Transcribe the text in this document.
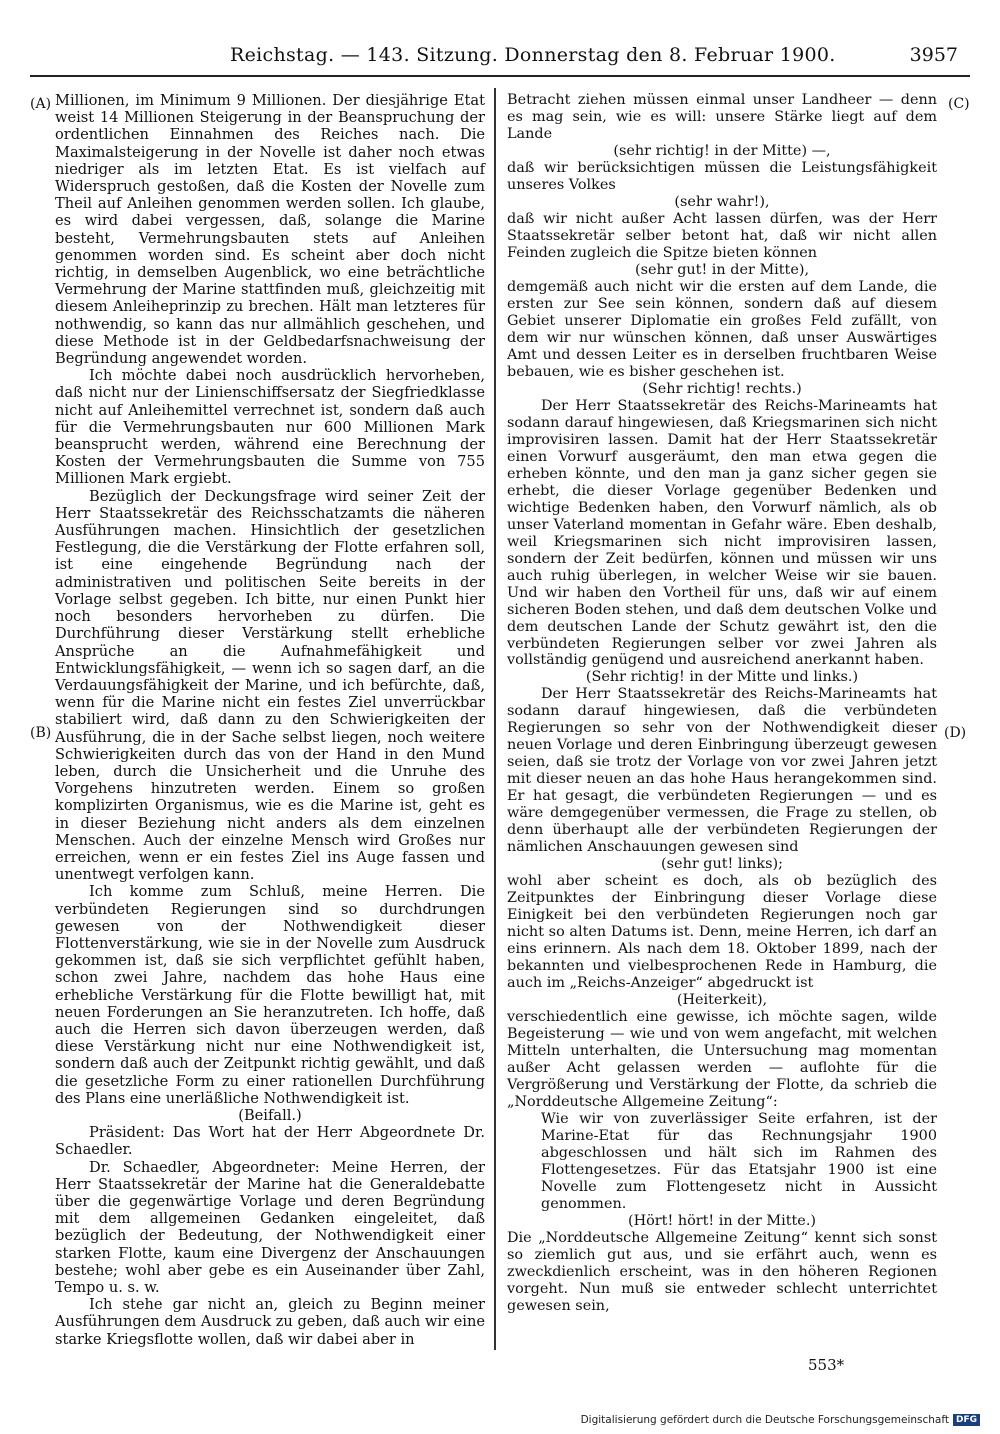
Reichstag. — 143. Sitzung. Donnerstag den 8. Februar 1900.	3957
(A)
(B)
(C)
(D)

Millionen, im Minimum 9 Millionen. Der diesjährige Etat weist 14 Millionen Steigerung in der Beanspruchung der ordentlichen Einnahmen des Reiches nach. Die Maximalsteigerung in der Novelle ist daher noch etwas niedriger als im letzten Etat. Es ist vielfach auf Widerspruch gestoßen, daß die Kosten der Novelle zum Theil auf Anleihen genommen werden sollen. Ich glaube, es wird dabei vergessen, daß, solange die Marine besteht, Vermehrungsbauten stets auf Anleihen genommen worden sind. Es scheint aber doch nicht richtig, in demselben Augenblick, wo eine beträchtliche Vermehrung der Marine stattfinden muß, gleichzeitig mit diesem Anleiheprinzip zu brechen. Hält man letzteres für nothwendig, so kann das nur allmählich geschehen, und diese Methode ist in der Geldbedarfsnachweisung der Begründung angewendet worden.

Ich möchte dabei noch ausdrücklich hervorheben, daß nicht nur der Linienschiffsersatz der Siegfriedklasse nicht auf Anleihemittel verrechnet ist, sondern daß auch für die Vermehrungsbauten nur 600 Millionen Mark beansprucht werden, während eine Berechnung der Kosten der Vermehrungsbauten die Summe von 755 Millionen Mark ergiebt.

Bezüglich der Deckungsfrage wird seiner Zeit der Herr Staatssekretär des Reichsschatzamts die näheren Ausführungen machen. Hinsichtlich der gesetzlichen Festlegung, die die Verstärkung der Flotte erfahren soll, ist eine eingehende Begründung nach der administrativen und politischen Seite bereits in der Vorlage selbst gegeben. Ich bitte, nur einen Punkt hier noch besonders hervorheben zu dürfen. Die Durchführung dieser Verstärkung stellt erhebliche Ansprüche an die Aufnahmefähigkeit und Entwicklungsfähigkeit, — wenn ich so sagen darf, an die Verdauungsfähigkeit der Marine, und ich befürchte, daß, wenn für die Marine nicht ein festes Ziel unverrückbar stabiliert wird, daß dann zu den Schwierigkeiten der Ausführung, die in der Sache selbst liegen, noch weitere Schwierigkeiten durch das von der Hand in den Mund leben, durch die Unsicherheit und die Unruhe des Vorgehens hinzutreten werden. Einem so großen komplizirten Organismus, wie es die Marine ist, geht es in dieser Beziehung nicht anders als dem einzelnen Menschen. Auch der einzelne Mensch wird Großes nur erreichen, wenn er ein festes Ziel ins Auge fassen und unentwegt verfolgen kann.

Ich komme zum Schluß, meine Herren. Die verbündeten Regierungen sind so durchdrungen gewesen von der Nothwendigkeit dieser Flottenverstärkung, wie sie in der Novelle zum Ausdruck gekommen ist, daß sie sich verpflichtet gefühlt haben, schon zwei Jahre, nachdem das hohe Haus eine erhebliche Verstärkung für die Flotte bewilligt hat, mit neuen Forderungen an Sie heranzutreten. Ich hoffe, daß auch die Herren sich davon überzeugen werden, daß diese Verstärkung nicht nur eine Nothwendigkeit ist, sondern daß auch der Zeitpunkt richtig gewählt, und daß die gesetzliche Form zu einer rationellen Durchführung des Plans eine unerläßliche Nothwendigkeit ist.

(Beifall.)

Präsident: Das Wort hat der Herr Abgeordnete Dr. Schaedler.

Dr. Schaedler, Abgeordneter: Meine Herren, der Herr Staatssekretär der Marine hat die Generaldebatte über die gegenwärtige Vorlage und deren Begründung mit dem allgemeinen Gedanken eingeleitet, daß bezüglich der Bedeutung, der Nothwendigkeit einer starken Flotte, kaum eine Divergenz der Anschauungen bestehe; wohl aber gebe es ein Auseinander über Zahl, Tempo u. s. w.

Ich stehe gar nicht an, gleich zu Beginn meiner Ausführungen dem Ausdruck zu geben, daß auch wir eine starke Kriegsflotte wollen, daß wir dabei aber in

Betracht ziehen müssen einmal unser Landheer — denn es mag sein, wie es will: unsere Stärke liegt auf dem Lande

(sehr richtig! in der Mitte) —,

daß wir berücksichtigen müssen die Leistungsfähigkeit unseres Volkes

(sehr wahr!),

daß wir nicht außer Acht lassen dürfen, was der Herr Staatssekretär selber betont hat, daß wir nicht allen Feinden zugleich die Spitze bieten können

(sehr gut! in der Mitte),

demgemäß auch nicht wir die ersten auf dem Lande, die ersten zur See sein können, sondern daß auf diesem Gebiet unserer Diplomatie ein großes Feld zufällt, von dem wir nur wünschen können, daß unser Auswärtiges Amt und dessen Leiter es in derselben fruchtbaren Weise bebauen, wie es bisher geschehen ist.

(Sehr richtig! rechts.)

Der Herr Staatssekretär des Reichs-Marineamts hat sodann darauf hingewiesen, daß Kriegsmarinen sich nicht improvisiren lassen. Damit hat der Herr Staatssekretär einen Vorwurf ausgeräumt, den man etwa gegen die erheben könnte, und den man ja ganz sicher gegen sie erhebt, die dieser Vorlage gegenüber Bedenken und wichtige Bedenken haben, den Vorwurf nämlich, als ob unser Vaterland momentan in Gefahr wäre. Eben deshalb, weil Kriegsmarinen sich nicht improvisiren lassen, sondern der Zeit bedürfen, können und müssen wir uns auch ruhig überlegen, in welcher Weise wir sie bauen. Und wir haben den Vortheil für uns, daß wir auf einem sicheren Boden stehen, und daß dem deutschen Volke und dem deutschen Lande der Schutz gewährt ist, den die verbündeten Regierungen selber vor zwei Jahren als vollständig genügend und ausreichend anerkannt haben.

(Sehr richtig! in der Mitte und links.)

Der Herr Staatssekretär des Reichs-Marineamts hat sodann darauf hingewiesen, daß die verbündeten Regierungen so sehr von der Nothwendigkeit dieser neuen Vorlage und deren Einbringung überzeugt gewesen seien, daß sie trotz der Vorlage von vor zwei Jahren jetzt mit dieser neuen an das hohe Haus herangekommen sind. Er hat gesagt, die verbündeten Regierungen — und es wäre demgegenüber vermessen, die Frage zu stellen, ob denn überhaupt alle der verbündeten Regierungen der nämlichen Anschauungen gewesen sind

(sehr gut! links);

wohl aber scheint es doch, als ob bezüglich des Zeitpunktes der Einbringung dieser Vorlage diese Einigkeit bei den verbündeten Regierungen noch gar nicht so alten Datums ist. Denn, meine Herren, ich darf an eins erinnern. Als nach dem 18. Oktober 1899, nach der bekannten und vielbesprochenen Rede in Hamburg, die auch im „Reichs-Anzeiger“ abgedruckt ist

(Heiterkeit),

verschiedentlich eine gewisse, ich möchte sagen, wilde Begeisterung — wie und von wem angefacht, mit welchen Mitteln unterhalten, die Untersuchung mag momentan außer Acht gelassen werden — auflohte für die Vergrößerung und Verstärkung der Flotte, da schrieb die „Norddeutsche Allgemeine Zeitung“:

Wie wir von zuverlässiger Seite erfahren, ist der Marine-Etat für das Rechnungsjahr 1900 abgeschlossen und hält sich im Rahmen des Flottengesetzes. Für das Etatsjahr 1900 ist eine Novelle zum Flottengesetz nicht in Aussicht genommen.

(Hört! hört! in der Mitte.)

Die „Norddeutsche Allgemeine Zeitung“ kennt sich sonst so ziemlich gut aus, und sie erfährt auch, wenn es zweckdienlich erscheint, was in den höheren Regionen vorgeht. Nun muß sie entweder schlecht unterrichtet gewesen sein,

553*
Digitalisierung gefördert durch die Deutsche Forschungsgemeinschaft DFG
